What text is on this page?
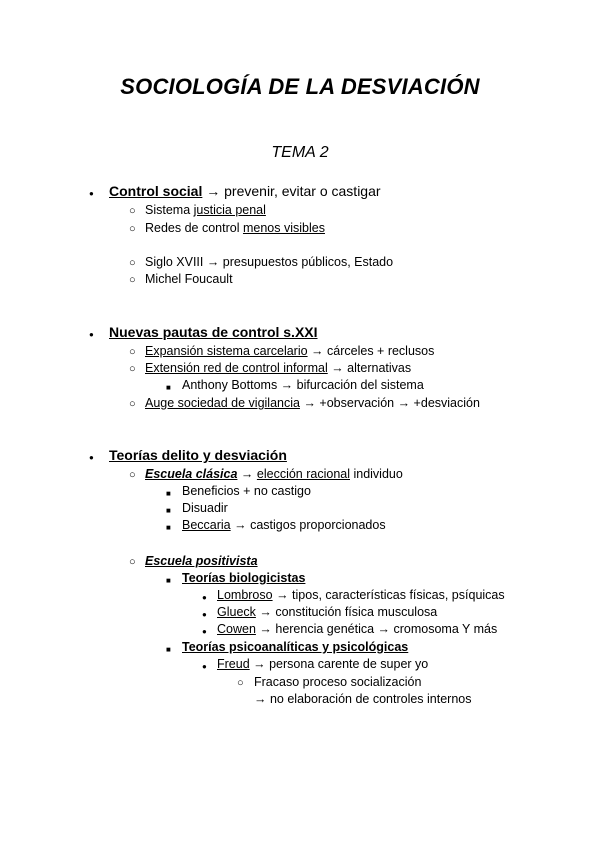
SOCIOLOGÍA DE LA DESVIACIÓN
TEMA 2
●
Control social → prevenir, evitar o castigar
○
Sistema justicia penal
○
Redes de control menos visibles
○
Siglo XVIII → presupuestos públicos, Estado
○
Michel Foucault
●
Nuevas pautas de control s.XXI
○
Expansión sistema carcelario → cárceles + reclusos
○
Extensión red de control informal → alternativas
■
Anthony Bottoms → bifurcación del sistema
○
Auge sociedad de vigilancia → +observación → +desviación
●
Teorías delito y desviación
○
Escuela clásica → elección racional individuo
■
Beneficios + no castigo
■
Disuadir
■
Beccaria → castigos proporcionados
○
Escuela positivista
■
Teorías biologicistas
●
Lombroso → tipos, características físicas, psíquicas
●
Glueck → constitución física musculosa
●
Cowen → herencia genética → cromosoma Y más
■
Teorías psicoanalíticas y psicológicas
●
Freud → persona carente de super yo
○
Fracaso proceso socialización
→ no elaboración de controles internos
